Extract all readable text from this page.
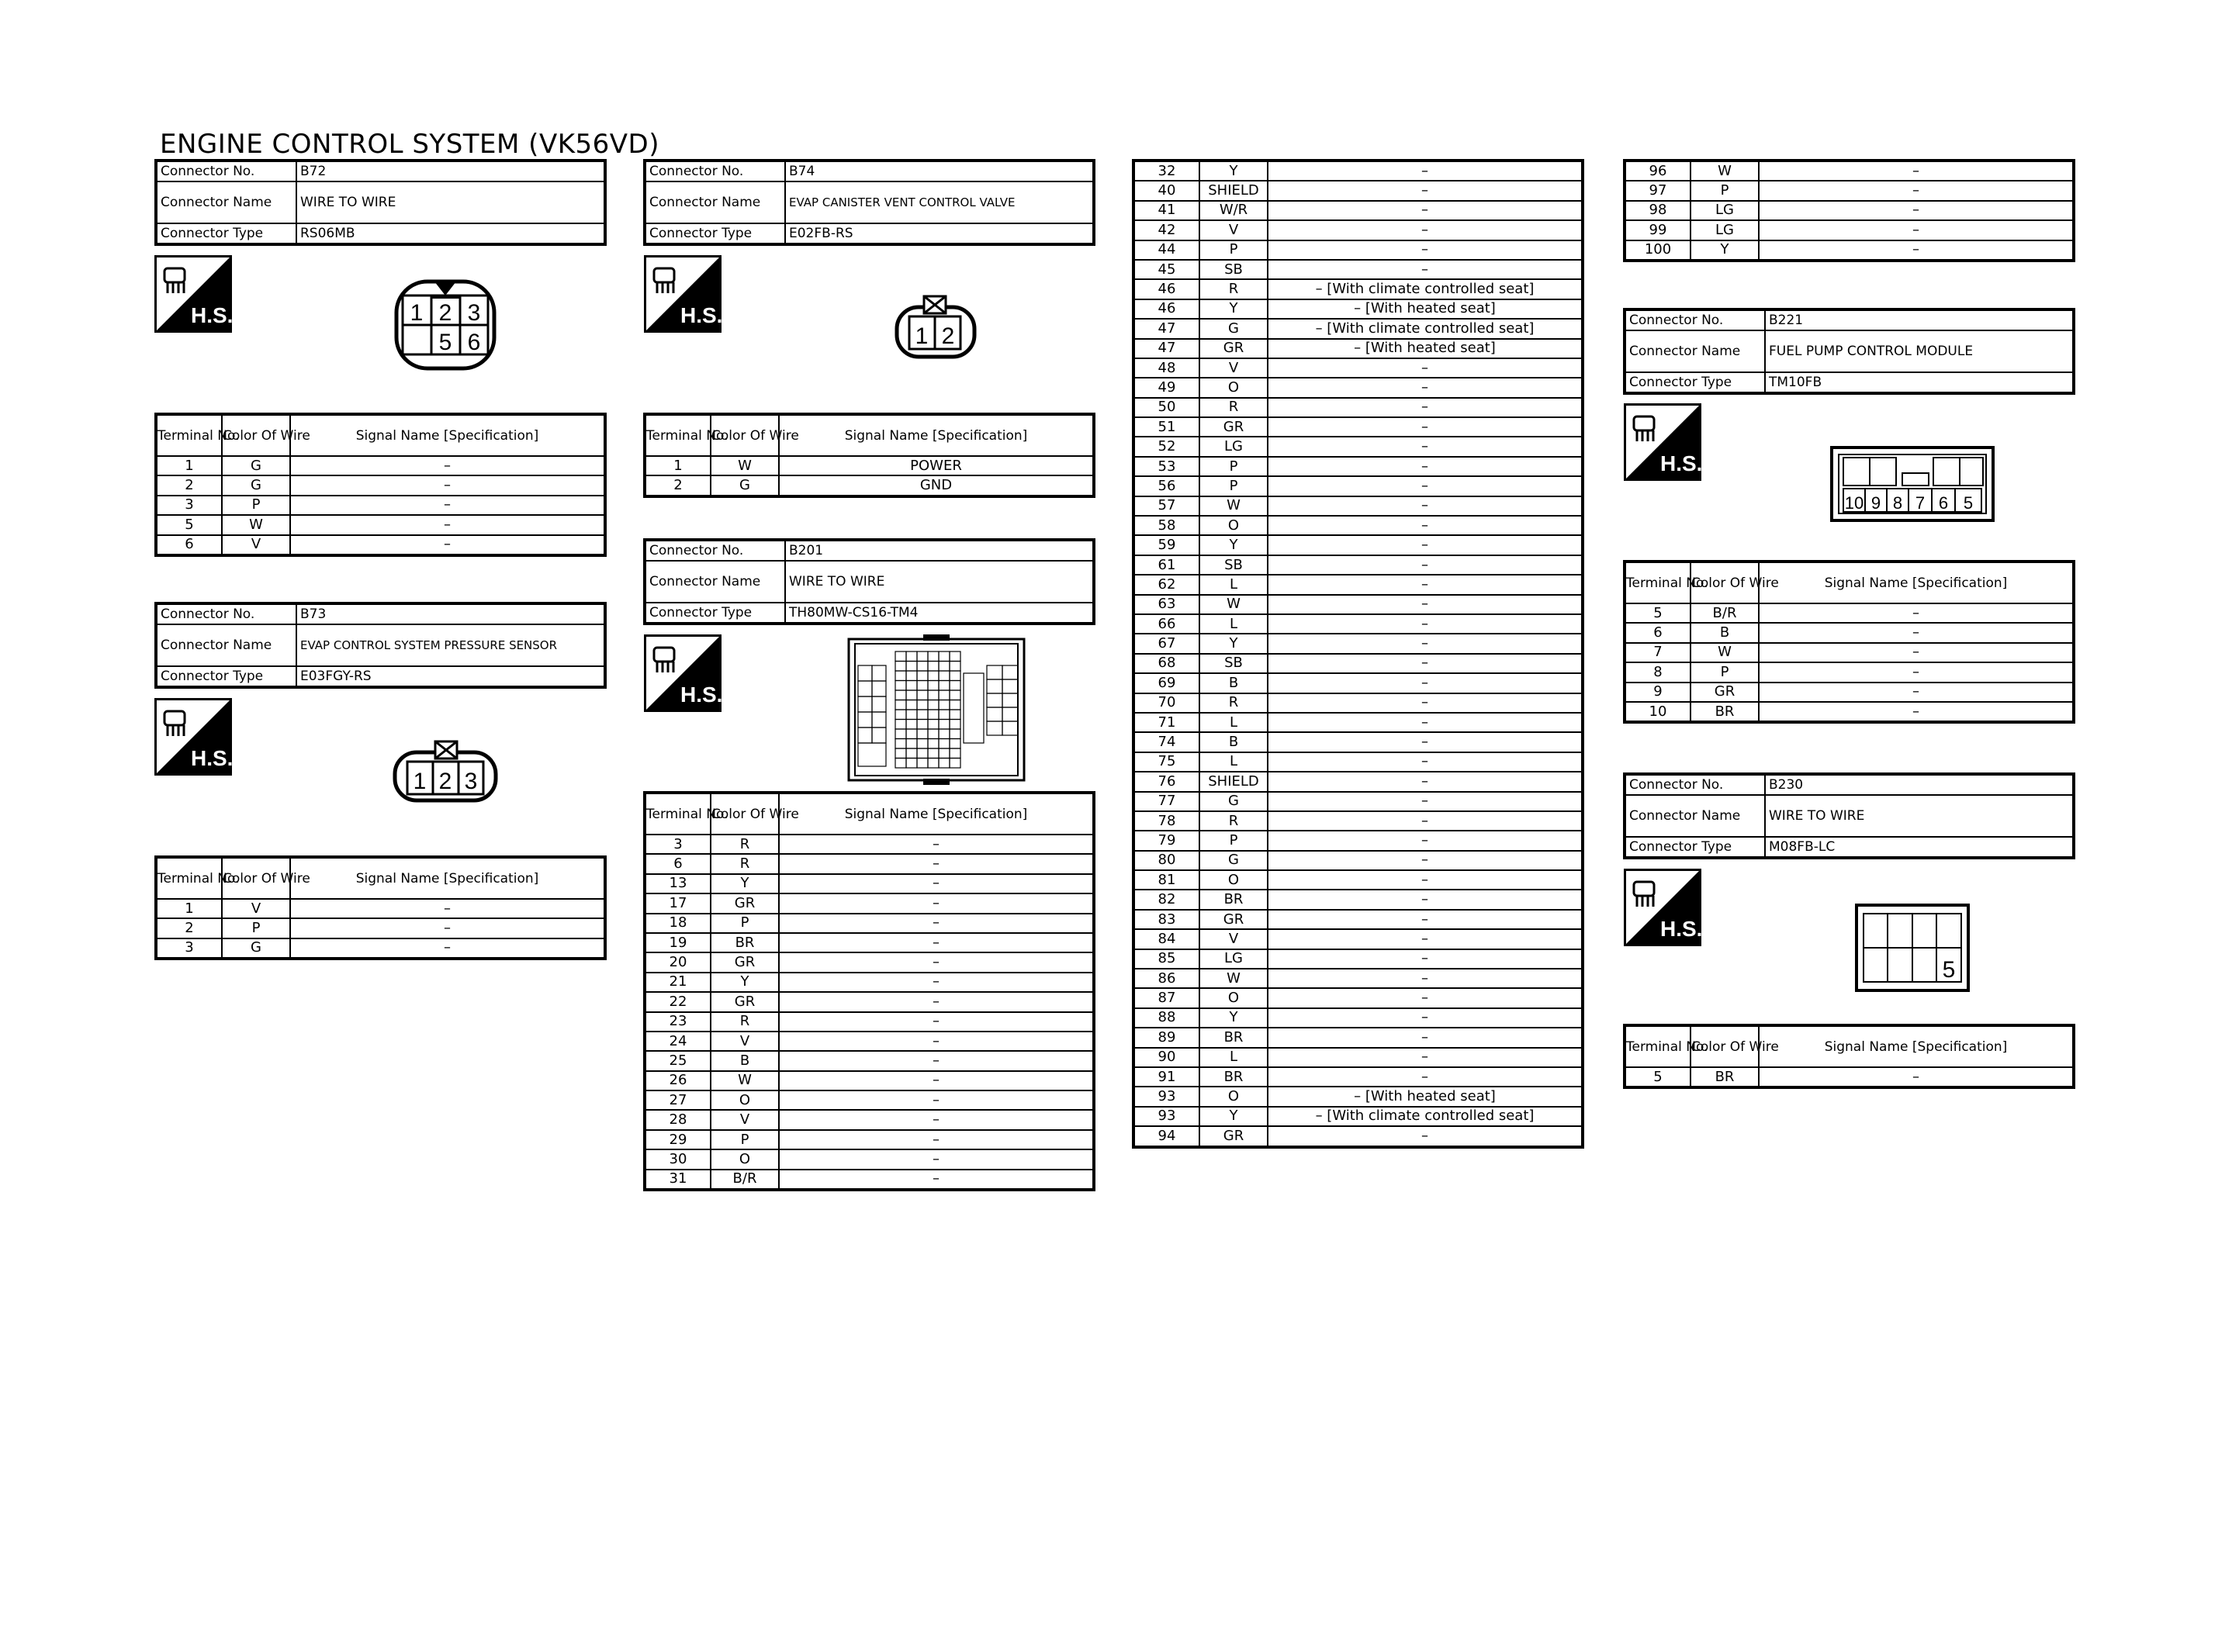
ENGINE CONTROL SYSTEM (VK56VD)
Connector No.	B72
Connector Name	WIRE TO WIRE
Connector Type	RS06MB
H.S.	1 2 3
5 6
Terminal No.	Color Of Wire	Signal Name [Specification]
1	G	–
2	G	–
3	P	–
5	W	–
6	V	–
Connector No.	B73
Connector Name	EVAP CONTROL SYSTEM PRESSURE SENSOR
Connector Type	E03FGY-RS
H.S.
1 2 3
Terminal No.	Color Of Wire	Signal Name [Specification]
1	V	–
2	P	–
3	G	–
Connector No.	B74
Connector Name	EVAP CANISTER VENT CONTROL VALVE
Connector Type	E02FB-RS
H.S.
1 2
Terminal No.	Color Of Wire	Signal Name [Specification]
1	W	POWER
2	G	GND
Connector No.	B201
Connector Name	WIRE TO WIRE
Connector Type	TH80MW-CS16-TM4
H.S.
Terminal No.	Color Of Wire	Signal Name [Specification]
3	R	–
6	R	–
13	Y	–
17	GR	–
18	P	–
19	BR	–
20	GR	–
21	Y	–
22	GR	–
23	R	–
24	V	–
25	B	–
26	W	–
27	O	–
28	V	–
29	P	–
30	O	–
31	B/R	–
32	Y	–
40	SHIELD	–
41	W/R	–
42	V	–
44	P	–
45	SB	–
46	R	– [With climate controlled seat]
46	Y	– [With heated seat]
47	G	– [With climate controlled seat]
47	GR	– [With heated seat]
48	V	–
49	O	–
50	R	–
51	GR	–
52	LG	–
53	P	–
56	P	–
57	W	–
58	O	–
59	Y	–
61	SB	–
62	L	–
63	W	–
66	L	–
67	Y	–
68	SB	–
69	B	–
70	R	–
71	L	–
74	B	–
75	L	–
76	SHIELD	–
77	G	–
78	R	–
79	P	–
80	G	–
81	O	–
82	BR	–
83	GR	–
84	V	–
85	LG	–
86	W	–
87	O	–
88	Y	–
89	BR	–
90	L	–
91	BR	–
93	O	– [With heated seat]
93	Y	– [With climate controlled seat]
94	GR	–
96	W	–
97	P	–
98	LG	–
99	LG	–
100	Y	–
Connector No.	B221
Connector Name	FUEL PUMP CONTROL MODULE
Connector Type	TM10FB
H.S.
10 9 8 7 6 5
Terminal No.	Color Of Wire	Signal Name [Specification]
5	B/R	–
6	B	–
7	W	–
8	P	–
9	GR	–
10	BR	–
Connector No.	B230
Connector Name	WIRE TO WIRE
Connector Type	M08FB-LC
H.S.
5
Terminal No.	Color Of Wire	Signal Name [Specification]
5	BR	–
